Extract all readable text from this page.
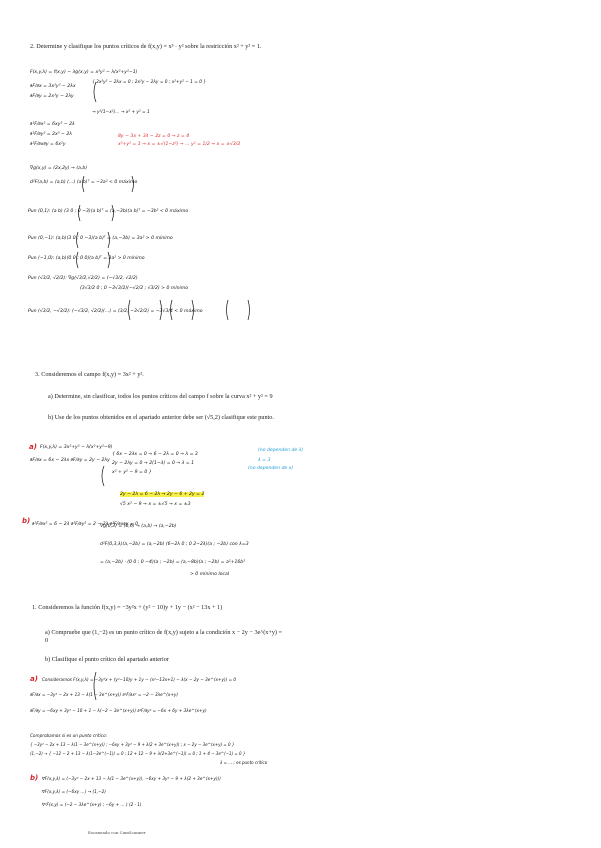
2. Determine y clasifique los puntos críticos de f(x,y) = x³ · y² sobre la restricción x² + y² = 1.
F(x,y,λ) = f(x,y) − λg(x,y) = x³y² − λ(x²+y²−1)
∂F/∂x = 3x²y² − 2λx
∂F/∂y = 2x³y − 2λy
{ 3x²y² − 2λx = 0 ; 2x³y − 2λy = 0 ; x²+y² − 1 = 0 }
→ y²(1−x²)… → x² + y² = 1
∂²F/∂x² = 6xy² − 2λ
∂²F/∂y² = 2x³ − 2λ
∂²F/∂x∂y = 6x²y
8y − 3x + 3λ − 2z = 0 → z = 4
x²+y² = 1 → x = ±√(1−z²) → … y² = 1/2 → x = ±√3/2
∇g(x,y) = (2x,2y) → (a,b)
d²F(a,b) = (a,b) (…) (a b)ᵀ = −3a² < 0 máximo
Pun (0,1): (a b) (3 0 ; 0 −3)(a b)ᵀ = (a,−3b)(a b)ᵀ = −3b² < 0 máximo
Pun (0,−1): (a,b)(3 0 ; 0 −3)(a b)ᵀ = (a,−3b) = 3a² > 0 mínimo
Pun (−1,0): (a,b)(0 0 ; 0 0)(a b)ᵀ = 3a² > 0 mínimo
Pun (√3/2, √2/2): ∇g(√3/2,√2/2) = (−√3/2, √2/2)
(3√3/2 0 ; 0 −3√3/2)(−√2/2 ; √3/2) > 0 mínimo
Pun (√3/2, −√3/2): (−√3/2, √2/2)(…) = (3/2, −3√2/2) = −3√3/4 < 0 máximo
3. Consideremos el campo f(x,y) = 3x² + y².
a) Determine, sin clasificar, todos los puntos críticos del campo f sobre la curva x² + y² = 9
b) Use de los puntos obtenidos en el apartado anterior debe ser (√5,2) clasifique este punto.
a) F(x,y,λ) = 3x²+y² − λ(x²+y²−9)
∂F/∂x = 6x − 2λx ∂F/∂y = 2y − 2λy
{ 6x − 2λx = 0 → 6 − 2λ = 0 → λ = 3
2y − 2λy = 0 → 2(1−λ) = 0 → λ = 1
x² + y² − 9 = 0 }
(no dependen de λ)
λ = 3
(no dependen de x)
2y − 2λ = 6 − 2λ → 2y − 6 + 2y = 2
√5 x² − 9 → x = ±√5 → x = ±3
b) ∂²F/∂x² = 6 − 2λ ∂²F/∂y² = 2 − 2λ ∂²F/∂x∂y = 0
∇g(0,3) = (0,6) → (a,b) → (a,−2b)
d²F(0,3,λ)(a,−2b) = (a,−2b) (6−2λ 0 ; 0 2−2λ)(a ; −2b) con λ=3
= (a,−2b) · (0 0 ; 0 −4)(a ; −2b) = (a,−8b)(a ; −2b) = a²+16b²
> 0 mínimo local
1. Consideremos la función f(x,y) = −3y²x + (y² − 10)y + 1y − (x² − 13x + 1)
a) Compruebe que (1,−2) es un punto crítico de f(x,y) sujeto a la condición x − 2y − 3e^(x+y) = 0
b) Clasifique el punto crítico del apartado anterior
a) Consideramos F(x,y,λ) = −3y²x + (y²−10)y + 1y − (x²−13x+1) − λ(x − 2y − 3e^(x+y)) = 0
∂F/∂x = −3y² − 2x + 13 − λ(1 − 3e^(x+y)) ∂²F/∂x² = −2 − 3λe^(x+y)
∂F/∂y = −6xy + 3y² − 10 + 1 − λ(−2 − 3e^(x+y)) ∂²F/∂y² = −6x + 6y + 3λe^(x+y)
Comprobamos si es un punto crítico:
{ −3y² − 2x + 13 − λ(1 − 3e^(x+y)) ; −6xy + 3y² − 9 + λ(2 + 3e^(x+y)) ; x − 2y − 3e^(x+y) = 0 }
(1,−2) → { −12 − 2 + 13 − λ(1−3e^(−1)) = 0 ; 12 + 12 − 9 + λ(2+3e^(−1)) = 0 ; 1 + 4 − 3e^(−1) = 0 }
λ = … ; es punto crítico
b) ∇F(x,y,λ) = (−3y² − 2x + 13 − λ(1 − 3e^(x+y)), −6xy + 3y² − 9 + λ(2 + 3e^(x+y)))
∇F(x,y,λ) = (−6xy …) → (1,−2)
∇²F(x,y) = (−2 − 3λe^(x+y) ; −6y + … ) (2 · 1)
Escaneado con CamScanner
